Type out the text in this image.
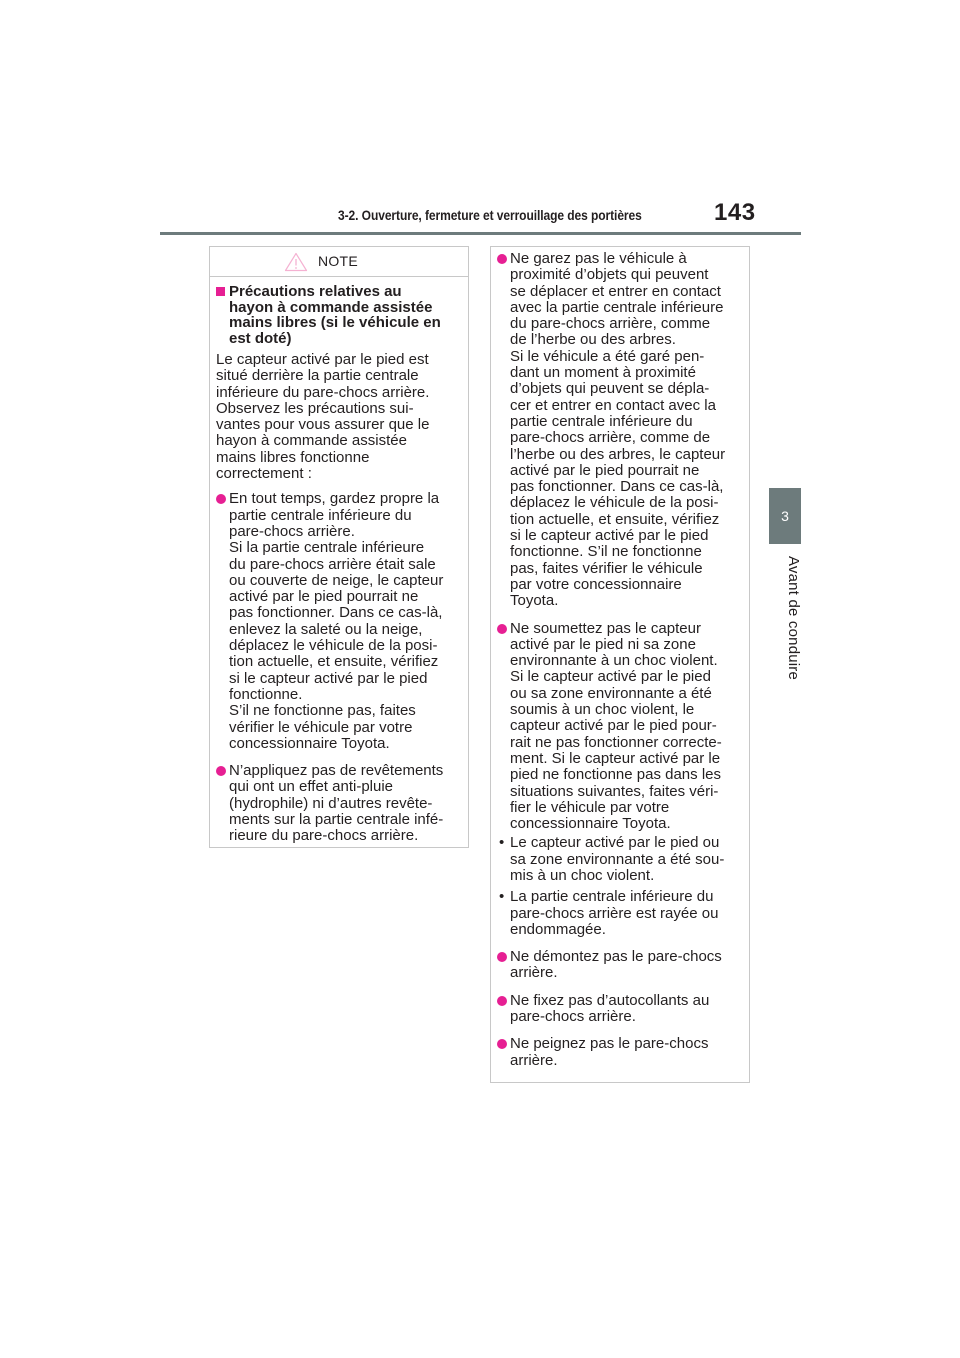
3-2. Ouverture, fermeture et verrouillage des portières	143
3
Avant de conduire
NOTE
Précautions relatives au
hayon à commande assistée
mains libres (si le véhicule en
est doté)
Le capteur activé par le pied est
situé derrière la partie centrale
inférieure du pare-chocs arrière.
Observez les précautions sui-
vantes pour vous assurer que le
hayon à commande assistée
mains libres fonctionne
correctement :
En tout temps, gardez propre la
partie centrale inférieure du
pare-chocs arrière.
Si la partie centrale inférieure
du pare-chocs arrière était sale
ou couverte de neige, le capteur
activé par le pied pourrait ne
pas fonctionner. Dans ce cas-là,
enlevez la saleté ou la neige,
déplacez le véhicule de la posi-
tion actuelle, et ensuite, vérifiez
si le capteur activé par le pied
fonctionne.
S’il ne fonctionne pas, faites
vérifier le véhicule par votre
concessionnaire Toyota.
N’appliquez pas de revêtements
qui ont un effet anti-pluie
(hydrophile) ni d’autres revête-
ments sur la partie centrale infé-
rieure du pare-chocs arrière.
Ne garez pas le véhicule à
proximité d’objets qui peuvent
se déplacer et entrer en contact
avec la partie centrale inférieure
du pare-chocs arrière, comme
de l’herbe ou des arbres.
Si le véhicule a été garé pen-
dant un moment à proximité
d’objets qui peuvent se dépla-
cer et entrer en contact avec la
partie centrale inférieure du
pare-chocs arrière, comme de
l’herbe ou des arbres, le capteur
activé par le pied pourrait ne
pas fonctionner. Dans ce cas-là,
déplacez le véhicule de la posi-
tion actuelle, et ensuite, vérifiez
si le capteur activé par le pied
fonctionne. S’il ne fonctionne
pas, faites vérifier le véhicule
par votre concessionnaire
Toyota.
Ne soumettez pas le capteur
activé par le pied ni sa zone
environnante à un choc violent.
Si le capteur activé par le pied
ou sa zone environnante a été
soumis à un choc violent, le
capteur activé par le pied pour-
rait ne pas fonctionner correcte-
ment. Si le capteur activé par le
pied ne fonctionne pas dans les
situations suivantes, faites véri-
fier le véhicule par votre
concessionnaire Toyota.
• Le capteur activé par le pied ou
sa zone environnante a été sou-
mis à un choc violent.
• La partie centrale inférieure du
pare-chocs arrière est rayée ou
endommagée.
Ne démontez pas le pare-chocs
arrière.
Ne fixez pas d’autocollants au
pare-chocs arrière.
Ne peignez pas le pare-chocs
arrière.
